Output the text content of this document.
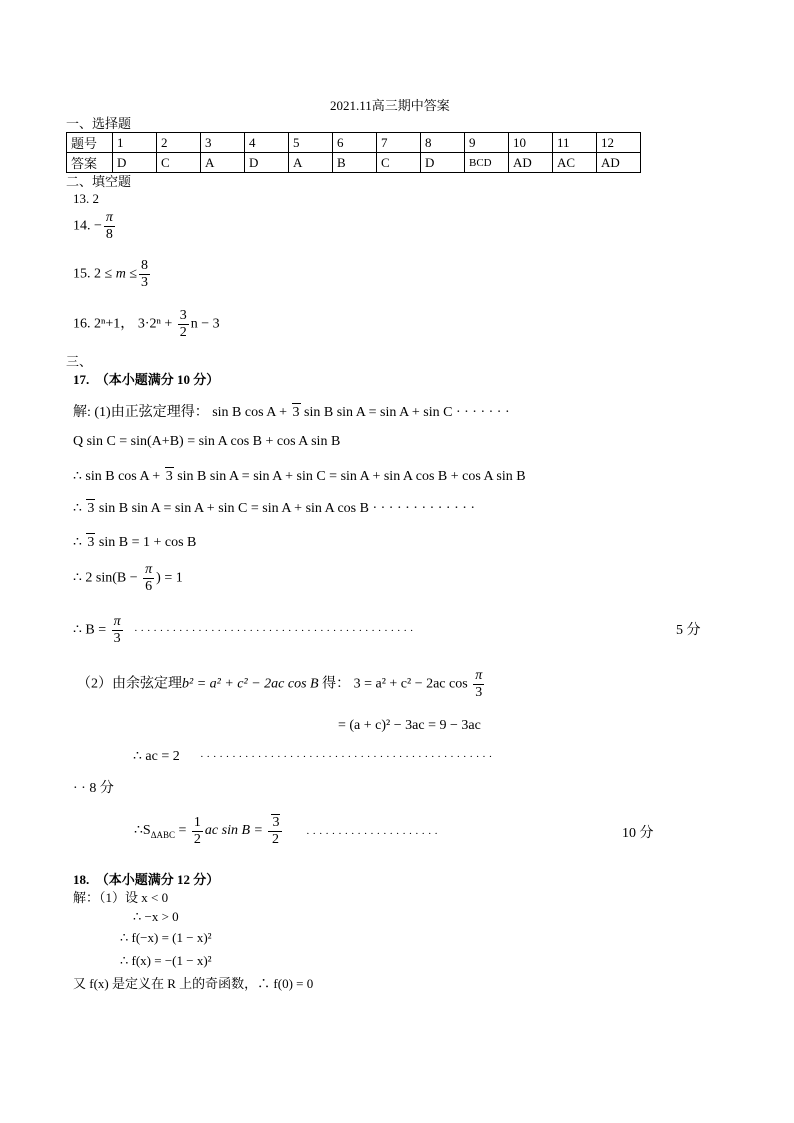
2021.11高三期中答案
一、选择题
题号	1	2	3	4	5	6	7	8	9	10	11	12
答案	D	C	A	D	A	B	C	D	BCD	AD	AC	AD
二、填空题
13. 2
14. − $\frac{\pi}{8}$
15. $2 \le m \le \frac{8}{3}$
16. 2ⁿ+1， $3\cdot 2^n + \frac{3}{2}$ n − 3
三、
17.　（本小题满分 10 分）
解: (1)由正弦定理得： sin B cos A + 3 sin B sin A = sin A + sin C · · · · · · ·
Q sin C = sin(A+B) = sin A cos B + cos A sin B
∴ sin B cos A + 3 sin B sin A = sin A + sin C = sin A + sin A cos B + cos A sin B
∴ 3 sin B sin A = sin A + sin C = sin A + sin A cos B · · · · · · · · · · · · ·
∴ 3 sin B = 1 + cos B
∴ 2 $\sin(B - \frac{\pi}{6}$ ) = 1
∴ $B = \frac{\pi}{3}$ · · · · · · · · · · · · · · · · · · · · · · · · · · · · · · · · · · · · · · · · · · · ·	5 分
（2）由余弦定理b² = a² + c² − 2ac cos B 得： 3 = a² + c² − 2ac $\cos \frac{\pi}{3}$
= (a + c)² − 3ac = 9 − 3ac
∴ ac = 2 · · · · · · · · · · · · · · · · · · · · · · · · · · · · · · · · · · · · · · · · · · · · · ·
· · 8 分
$\therefore S_{\Delta ABC} = \frac{1}{2}$ ac $\sin B = \frac{3}{2}$ · · · · · · · · · · · · · · · · · · · · ·	10 分
18.　（本小题满分 12 分）
解：（1）设 x < 0
∴ −x > 0
∴ f(−x) = (1 − x)²
∴ f(x) = −(1 − x)²
又 f(x) 是定义在 R 上的奇函数，∴ f(0) = 0
